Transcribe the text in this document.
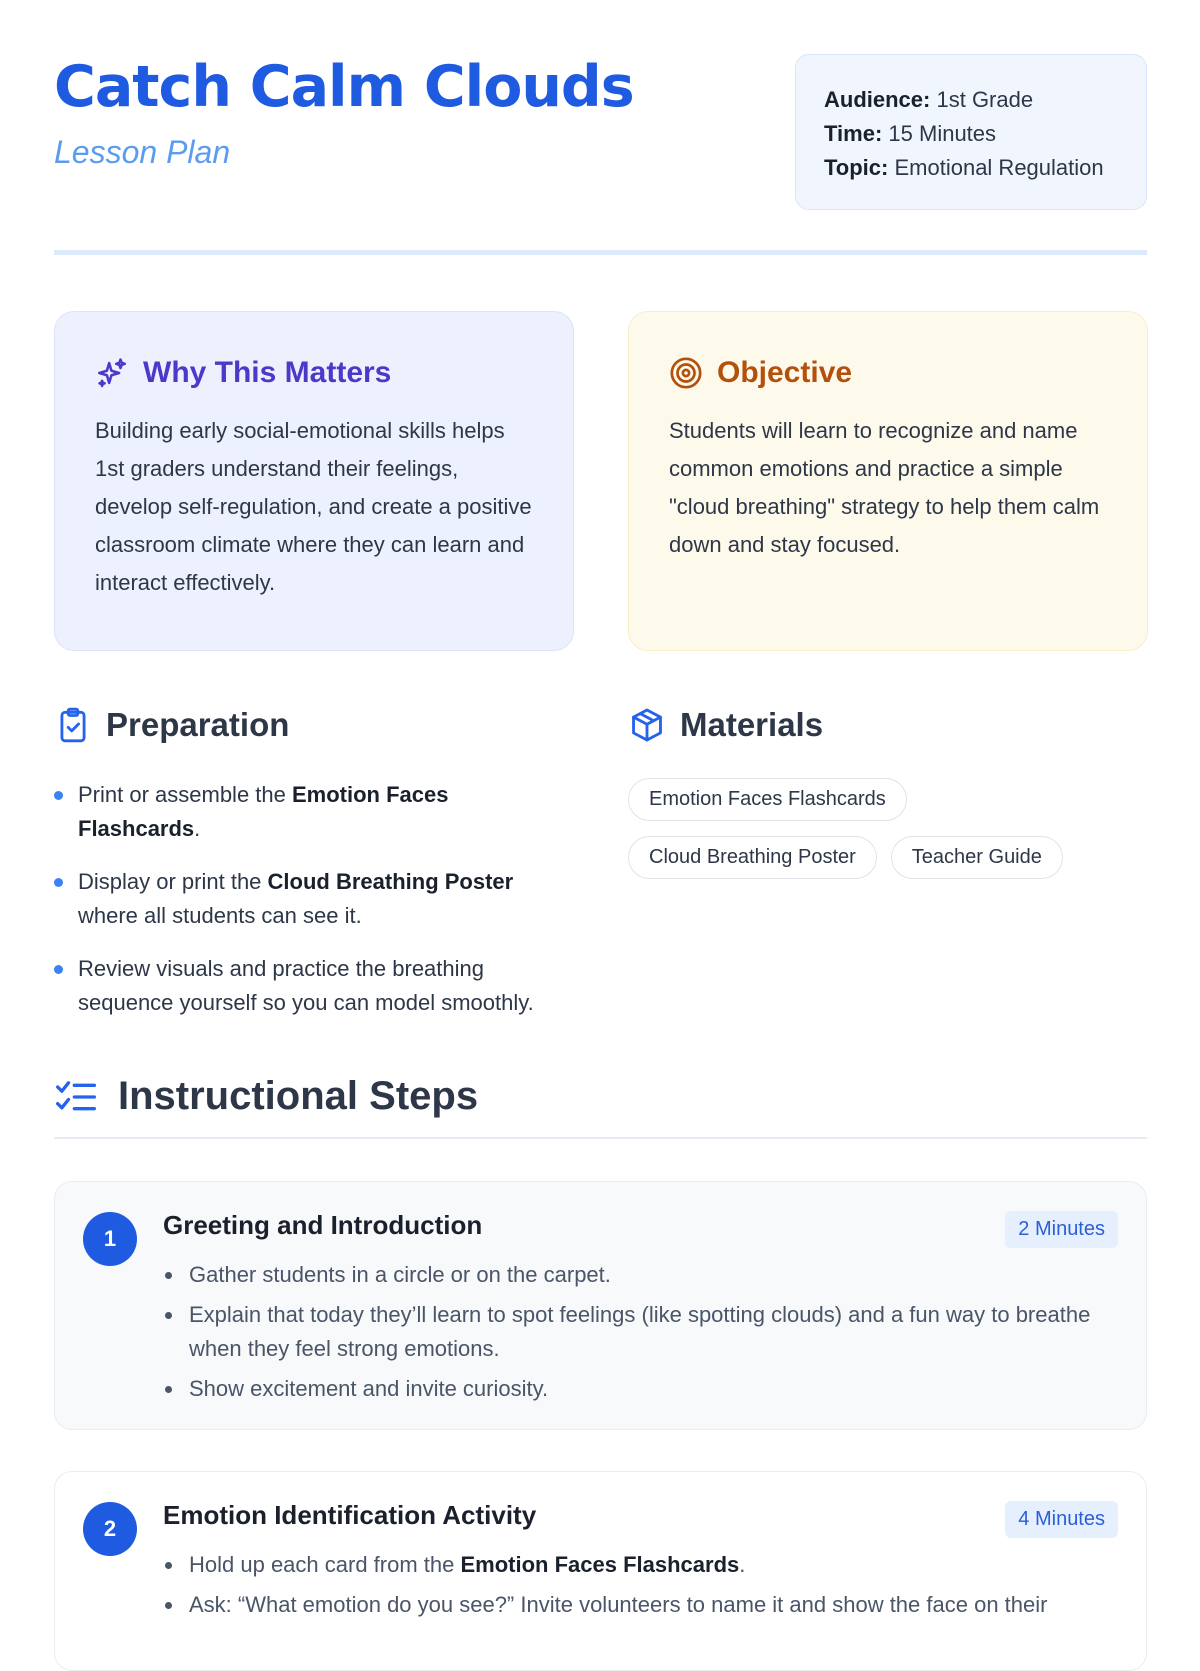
Catch Calm Clouds
Lesson Plan
Audience: 1st Grade
Time: 15 Minutes
Topic: Emotional Regulation
Why This Matters
Building early social-emotional skills helps 1st graders understand their feelings, develop self-regulation, and create a positive classroom climate where they can learn and interact effectively.
Objective
Students will learn to recognize and name common emotions and practice a simple "cloud breathing" strategy to help them calm down and stay focused.
Preparation
Print or assemble the Emotion Faces Flashcards.
Display or print the Cloud Breathing Poster where all students can see it.
Review visuals and practice the breathing sequence yourself so you can model smoothly.
Materials
Emotion Faces Flashcards
Cloud Breathing Poster	Teacher Guide
Instructional Steps
1	Greeting and Introduction	2 Minutes
Gather students in a circle or on the carpet.
Explain that today they’ll learn to spot feelings (like spotting clouds) and a fun way to breathe when they feel strong emotions.
Show excitement and invite curiosity.
2	Emotion Identification Activity	4 Minutes
Hold up each card from the Emotion Faces Flashcards.
Ask: “What emotion do you see?” Invite volunteers to name it and show the face on their
